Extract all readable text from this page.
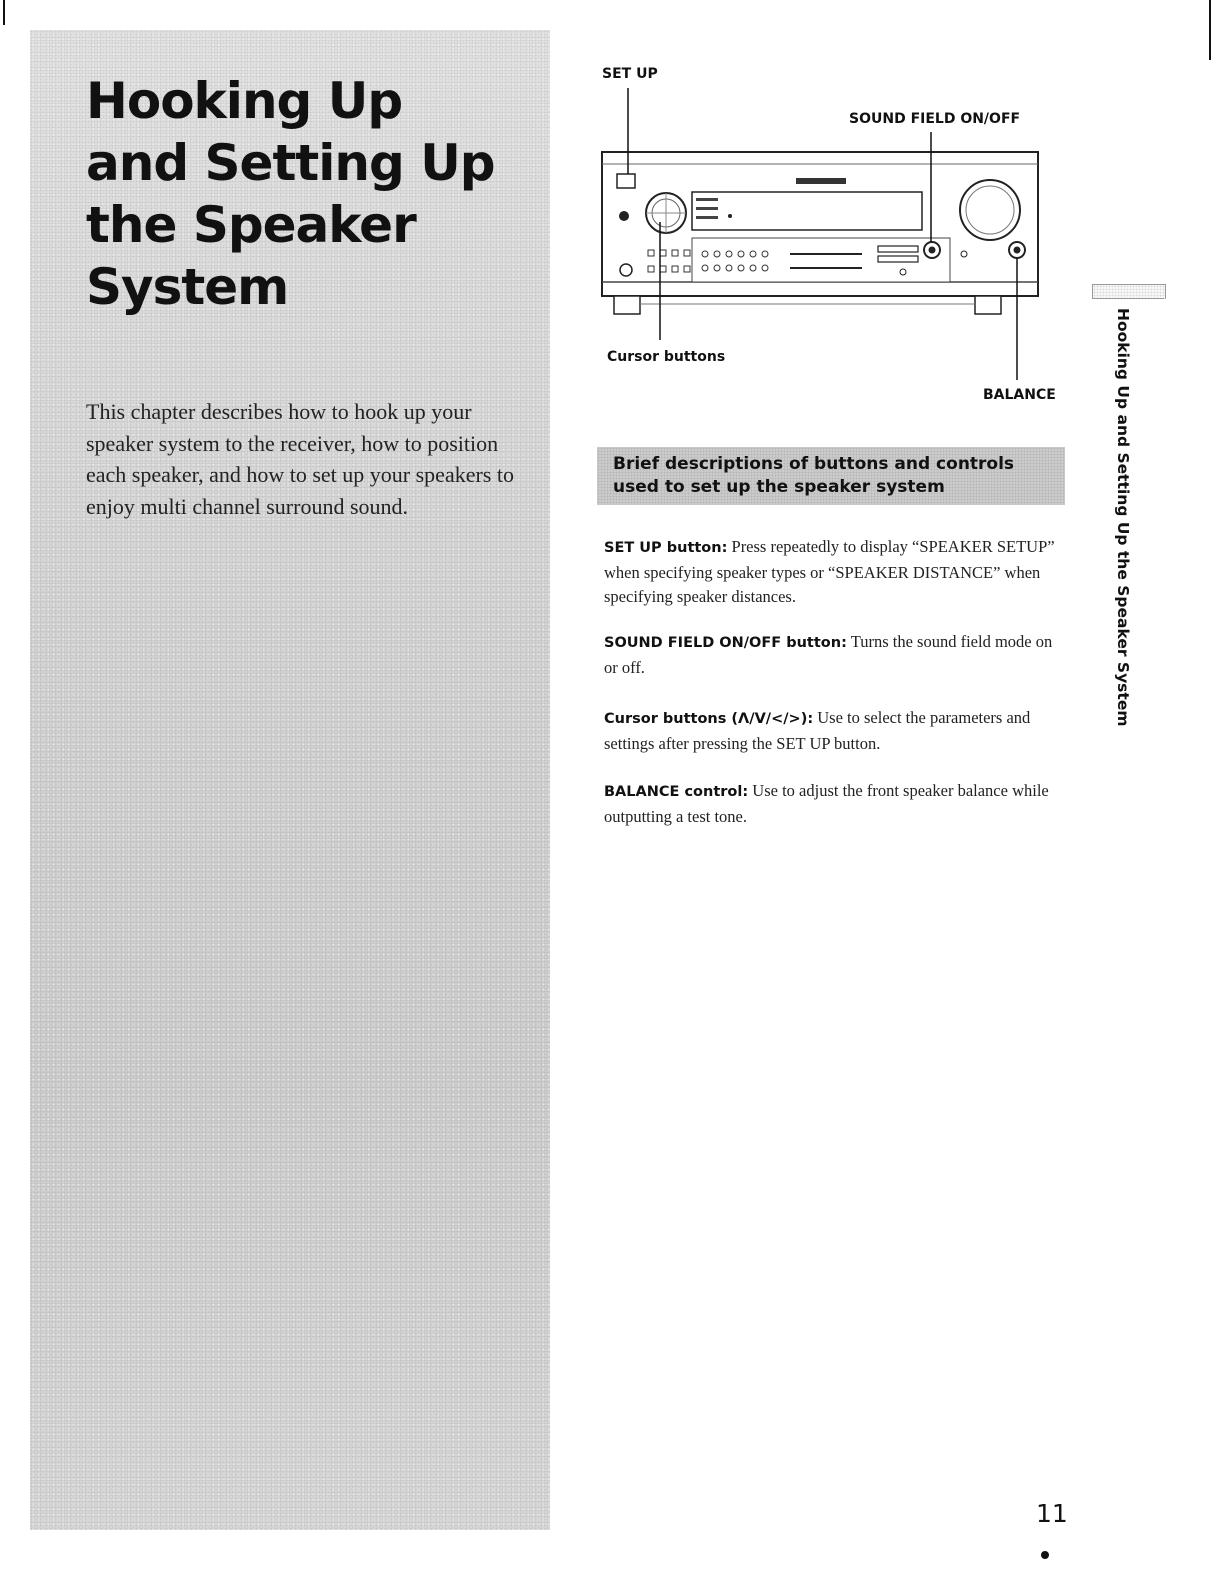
Hooking Up
and Setting Up
the Speaker
System

This chapter describes how to hook up your speaker system to the receiver, how to position each speaker, and how to set up your speakers to enjoy multi channel surround sound.

SET UP
SOUND FIELD ON/OFF
Cursor buttons
BALANCE
Brief descriptions of buttons and controls used to set up the speaker system

SET UP button: Press repeatedly to display “SPEAKER SETUP” when specifying speaker types or “SPEAKER DISTANCE” when specifying speaker distances.

SOUND FIELD ON/OFF button: Turns the sound field mode on or off.

Cursor buttons (Λ/V/</>): Use to select the parameters and settings after pressing the SET UP button.

BALANCE control: Use to adjust the front speaker balance while outputting a test tone.

Hooking Up and Setting Up the Speaker System
11
